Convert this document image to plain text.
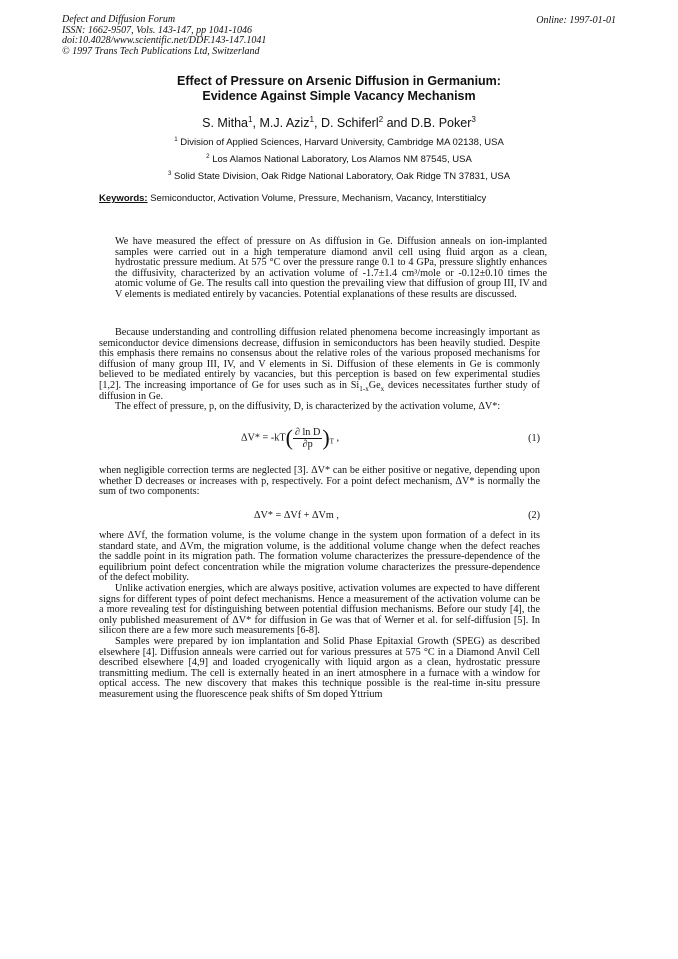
Defect and Diffusion Forum
ISSN: 1662-9507, Vols. 143-147, pp 1041-1046
doi:10.4028/www.scientific.net/DDF.143-147.1041
© 1997 Trans Tech Publications Ltd, Switzerland
Online: 1997-01-01
Effect of Pressure on Arsenic Diffusion in Germanium:
Evidence Against Simple Vacancy Mechanism
S. Mitha$^1$, M.J. Aziz$^1$, D. Schiferl$^2$ and D.B. Poker$^3$
$^1$ Division of Applied Sciences, Harvard University, Cambridge MA 02138, USA
$^2$ Los Alamos National Laboratory, Los Alamos NM 87545, USA
$^3$ Solid State Division, Oak Ridge National Laboratory, Oak Ridge TN 37831, USA
Keywords: Semiconductor, Activation Volume, Pressure, Mechanism, Vacancy, Interstitialcy
We have measured the effect of pressure on As diffusion in Ge. Diffusion anneals on ion-implanted samples were carried out in a high temperature diamond anvil cell using fluid argon as a clean, hydrostatic pressure medium. At 575 °C over the pressure range 0.1 to 4 GPa, pressure slightly enhances the diffusivity, characterized by an activation volume of -1.7±1.4 cm³/mole or -0.12±0.10 times the atomic volume of Ge. The results call into question the prevailing view that diffusion of group III, IV and V elements is mediated entirely by vacancies. Potential explanations of these results are discussed.

Because understanding and controlling diffusion related phenomena become increasingly important as semiconductor device dimensions decrease, diffusion in semiconductors has been heavily studied. Despite this emphasis there remains no consensus about the relative roles of the various proposed mechanisms for diffusion of many group III, IV, and V elements in Si. Diffusion of these elements in Ge is commonly believed to be mediated entirely by vacancies, but this perception is based on few experimental studies [1,2]. The increasing importance of Ge for uses such as in $Si_{1-x}Ge_x$ devices necessitates further study of diffusion in Ge.

The effect of pressure, p, on the diffusivity, D, is characterized by the activation volume, ΔV*:

$\Delta V* = -kT( \frac{\text{∂ ln D}}{\partial p} )_T$ ,	(1)

when negligible correction terms are neglected [3]. ΔV* can be either positive or negative, depending upon whether D decreases or increases with p, respectively. For a point defect mechanism, ΔV* is normally the sum of two components:

ΔV* = ΔVf + ΔVm ,	(2)

where ΔVf, the formation volume, is the volume change in the system upon formation of a defect in its standard state, and ΔVm, the migration volume, is the additional volume change when the defect reaches the saddle point in its migration path. The formation volume characterizes the pressure-dependence of the equilibrium point defect concentration while the migration volume characterizes the pressure-dependence of the defect mobility.

Unlike activation energies, which are always positive, activation volumes are expected to have different signs for different types of point defect mechanisms. Hence a measurement of the activation volume can be a more revealing test for distinguishing between potential diffusion mechanisms. Before our study [4], the only published measurement of ΔV* for diffusion in Ge was that of Werner et al. for self-diffusion [5]. In silicon there are a few more such measurements [6-8].

Samples were prepared by ion implantation and Solid Phase Epitaxial Growth (SPEG) as described elsewhere [4]. Diffusion anneals were carried out for various pressures at 575 °C in a Diamond Anvil Cell described elsewhere [4,9] and loaded cryogenically with liquid argon as a clean, hydrostatic pressure transmitting medium. The cell is externally heated in an inert atmosphere in a furnace with a window for optical access. The new discovery that makes this technique possible is the real-time in-situ pressure measurement using the fluorescence peak shifts of Sm doped Yttrium
